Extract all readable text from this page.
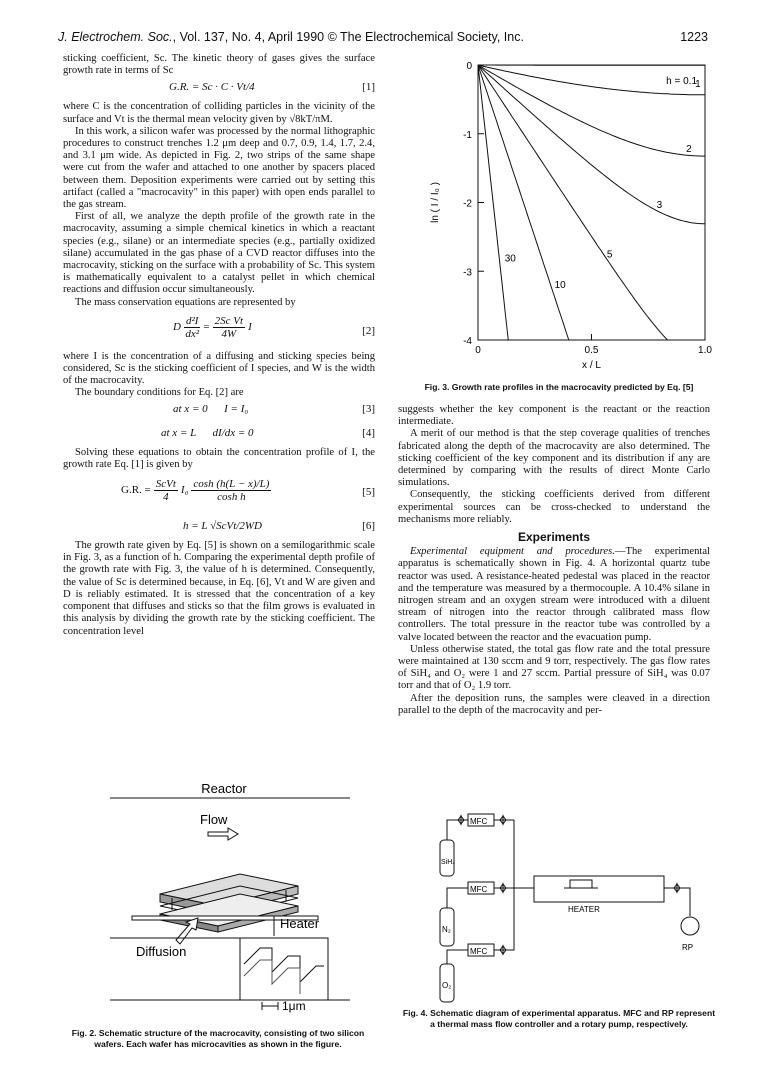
J. Electrochem. Soc., Vol. 137, No. 4, April 1990 © The Electrochemical Society, Inc.	1223

sticking coefficient, Sc. The kinetic theory of gases gives the surface growth rate in terms of Sc

G.R. = Sc · C · Vt/4	[1]

where C is the concentration of colliding particles in the vicinity of the surface and Vt is the thermal mean velocity given by √8kT/πM.

In this work, a silicon wafer was processed by the normal lithographic procedures to construct trenches 1.2 μm deep and 0.7, 0.9, 1.4, 1.7, 2.4, and 3.1 μm wide. As depicted in Fig. 2, two strips of the same shape were cut from the wafer and attached to one another by spacers placed between them. Deposition experiments were carried out by setting this artifact (called a "macrocavity" in this paper) with open ends parallel to the gas stream.

First of all, we analyze the depth profile of the growth rate in the macrocavity, assuming a simple chemical kinetics in which a reactant species (e.g., silane) or an intermediate species (e.g., partially oxidized silane) accumulated in the gas phase of a CVD reactor diffuses into the macrocavity, sticking on the surface with a probability of Sc. This system is mathematically equivalent to a catalyst pellet in which chemical reactions and diffusion occur simultaneously.

The mass conservation equations are represented by

D $\frac{\text{d²I}}{\text{dx²}} = \frac{\text{2Sc Vt}}{4W}$ I	[2]

where I is the concentration of a diffusing and sticking species being considered, Sc is the sticking coefficient of I species, and W is the width of the macrocavity.

The boundary conditions for Eq. [2] are

at x = 0      I = I₀	[3]
at x = L      dI/dx = 0	[4]

Solving these equations to obtain the concentration profile of I, the growth rate Eq. [1] is given by

G.R. = $\frac{\text{ScVt}}{4} I_0 \frac{\cosh (h(L - x)/L)}{\text{cosh h}}$	[5]
h = L √ScVt/2WD	[6]

The growth rate given by Eq. [5] is shown on a semilogarithmic scale in Fig. 3, as a function of h. Comparing the experimental depth profile of the growth rate with Fig. 3, the value of h is determined. Consequently, the value of Sc is determined because, in Eq. [6], Vt and W are given and D is reliably estimated. It is stressed that the concentration of a key component that diffuses and sticks so that the film grows is evaluated in this analysis by dividing the growth rate by the sticking coefficient. The concentration level

Reactor
Flow
Heater
Diffusion
1μm
Fig. 2. Schematic structure of the macrocavity, consisting of two silicon wafers. Each wafer has microcavities as shown in the figure.
0
-1
-2
-3
-4
0	0.5	1.0
x / L
ln ( I / I₀ )
h = 0.1
1
2
3
5
10
30
Fig. 3. Growth rate profiles in the macrocavity predicted by Eq. [5]

suggests whether the key component is the reactant or the reaction intermediate.

A merit of our method is that the step coverage qualities of trenches fabricated along the depth of the macrocavity are also determined. The sticking coefficient of the key component and its distribution if any are determined by comparing with the results of direct Monte Carlo simulations.

Consequently, the sticking coefficients derived from different experimental sources can be cross-checked to understand the mechanisms more reliably.

Experiments

Experimental equipment and procedures.—The experimental apparatus is schematically shown in Fig. 4. A horizontal quartz tube reactor was used. A resistance-heated pedestal was placed in the reactor and the temperature was measured by a thermocouple. A 10.4% silane in nitrogen stream and an oxygen stream were introduced with a diluent stream of nitrogen into the reactor through calibrated mass flow controllers. The total pressure in the reactor tube was controlled by a valve located between the reactor and the evacuation pump.

Unless otherwise stated, the total gas flow rate and the total pressure were maintained at 130 sccm and 9 torr, respectively. The gas flow rates of SiH₄ and O₂ were 1 and 27 sccm. Partial pressure of SiH₄ was 0.07 torr and that of O₂ 1.9 torr.

After the deposition runs, the samples were cleaved in a direction parallel to the depth of the macrocavity and per-

MFC
MFC
MFC
SiH₄
N₂
O₂
HEATER
RP
Fig. 4. Schematic diagram of experimental apparatus. MFC and RP represent a thermal mass flow controller and a rotary pump, respectively.
